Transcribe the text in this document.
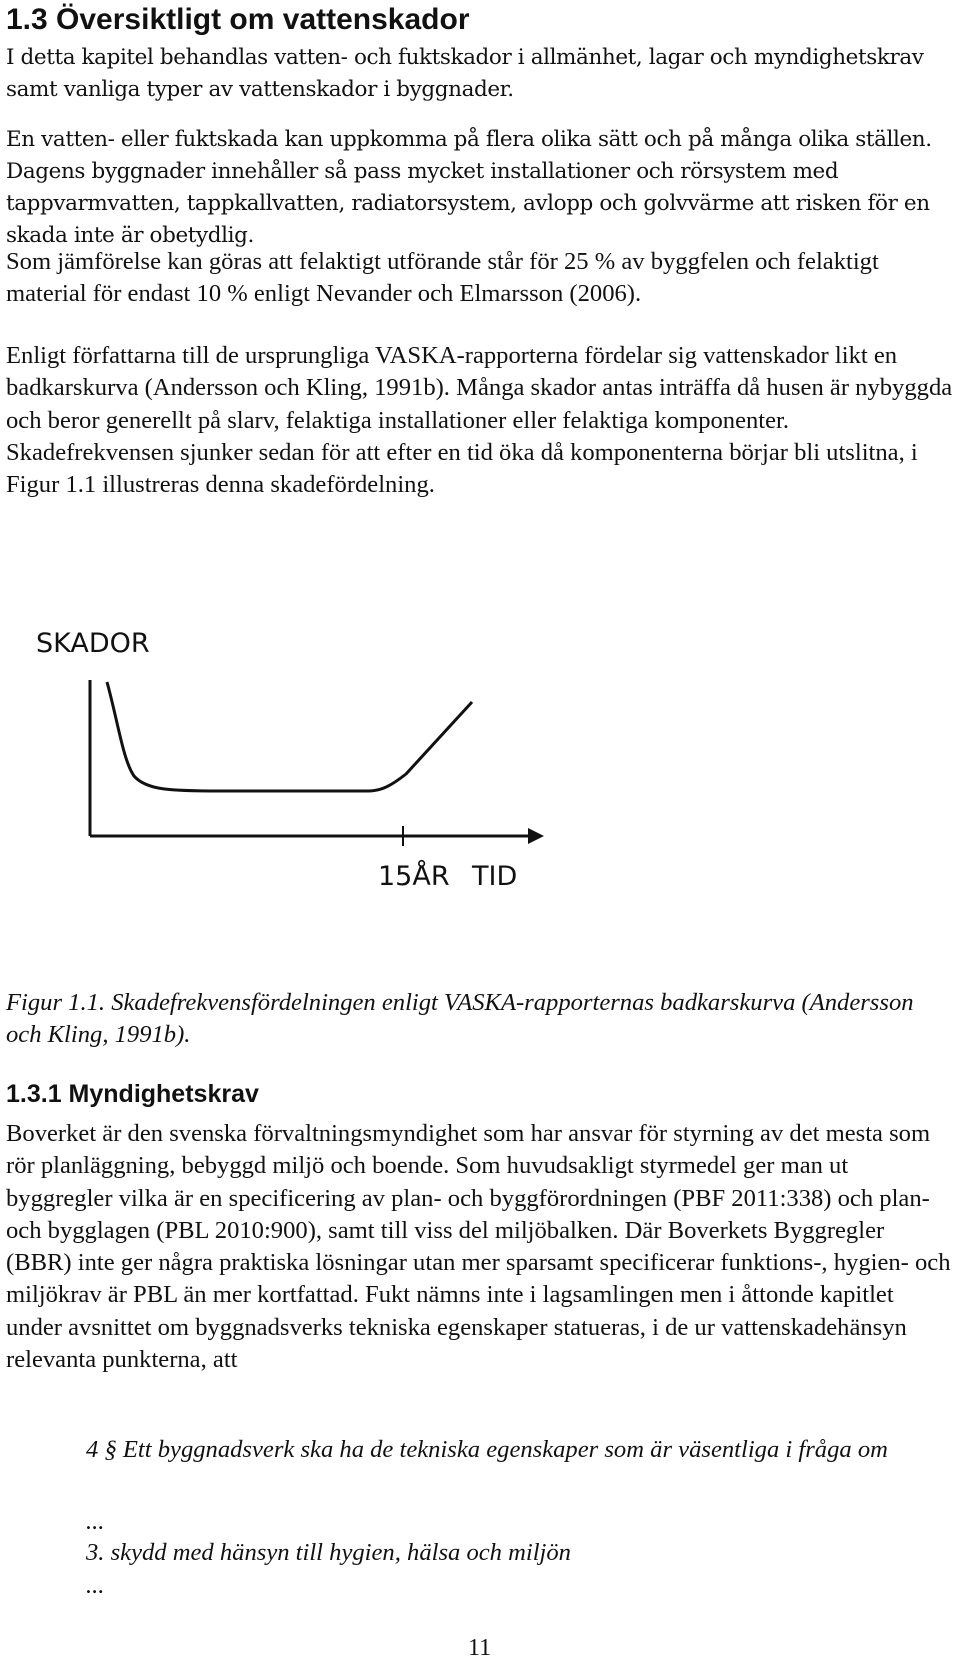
1.3 Översiktligt om vattenskador

I detta kapitel behandlas vatten- och fuktskador i allmänhet, lagar och myndighetskrav samt vanliga typer av vattenskador i byggnader.

En vatten- eller fuktskada kan uppkomma på flera olika sätt och på många olika ställen. Dagens byggnader innehåller så pass mycket installationer och rörsystem med tappvarmvatten, tappkallvatten, radiatorsystem, avlopp och golvvärme att risken för en skada inte är obetydlig.

Som jämförelse kan göras att felaktigt utförande står för 25 % av byggfelen och felaktigt material för endast 10 % enligt Nevander och Elmarsson (2006).

Enligt författarna till de ursprungliga VASKA-rapporterna fördelar sig vattenskador likt en badkarskurva (Andersson och Kling, 1991b). Många skador antas inträffa då husen är nybyggda och beror generellt på slarv, felaktiga installationer eller felaktiga komponenter. Skadefrekvensen sjunker sedan för att efter en tid öka då komponenterna börjar bli utslitna, i Figur 1.1 illustreras denna skadefördelning.

SKADOR
15ÅR TID

Figur 1.1. Skadefrekvensfördelningen enligt VASKA-rapporternas badkarskurva (Andersson och Kling, 1991b).

1.3.1 Myndighetskrav

Boverket är den svenska förvaltningsmyndighet som har ansvar för styrning av det mesta som rör planläggning, bebyggd miljö och boende. Som huvudsakligt styrmedel ger man ut byggregler vilka är en specificering av plan- och byggförordningen (PBF 2011:338) och plan- och bygglagen (PBL 2010:900), samt till viss del miljöbalken. Där Boverkets Byggregler (BBR) inte ger några praktiska lösningar utan mer sparsamt specificerar funktions-, hygien- och miljökrav är PBL än mer kortfattad. Fukt nämns inte i lagsamlingen men i åttonde kapitlet under avsnittet om byggnadsverks tekniska egenskaper statueras, i de ur vattenskadehänsyn relevanta punkterna, att

4 § Ett byggnadsverk ska ha de tekniska egenskaper som är väsentliga i fråga om

...

3. skydd med hänsyn till hygien, hälsa och miljön

...

11
